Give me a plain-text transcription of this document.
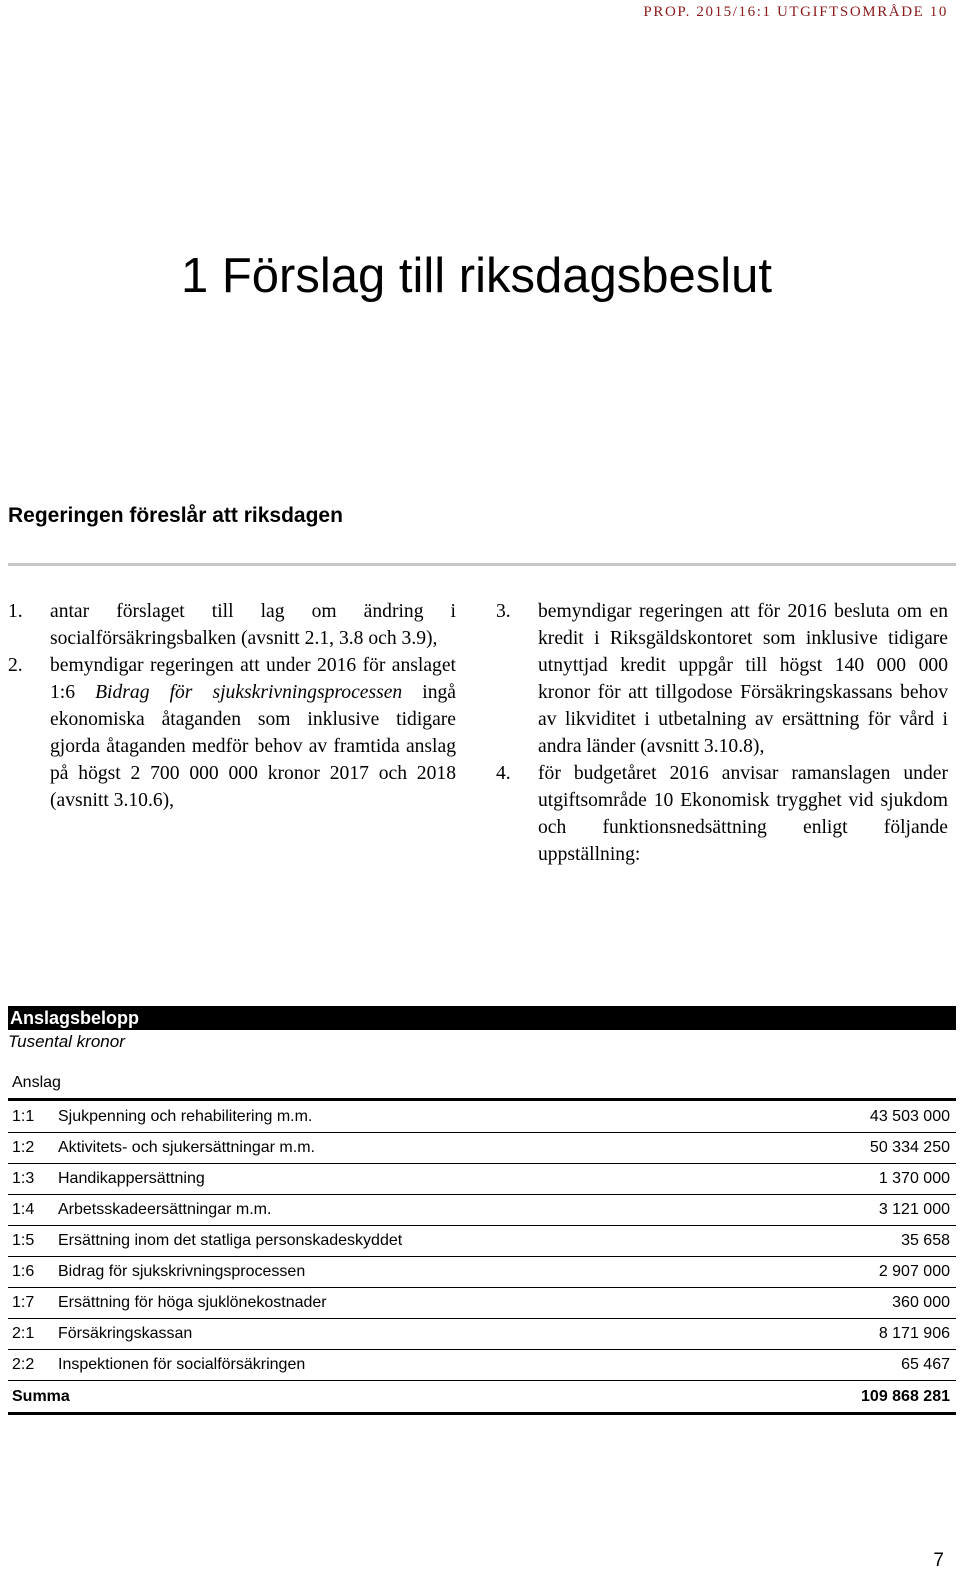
PROP. 2015/16:1 UTGIFTSOMRÅDE 10
1 Förslag till riksdagsbeslut
Regeringen föreslår att riksdagen

1.	antar förslaget till lag om ändring i socialförsäkringsbalken (avsnitt 2.1, 3.8 och 3.9),

2.	bemyndigar regeringen att under 2016 för anslaget 1:6 Bidrag för sjukskrivningsprocessen ingå ekonomiska åtaganden som inklusive tidigare gjorda åtaganden medför behov av framtida anslag på högst 2 700 000 000 kronor 2017 och 2018 (avsnitt 3.10.6),

3.	bemyndigar regeringen att för 2016 besluta om en kredit i Riksgäldskontoret som inklusive tidigare utnyttjad kredit uppgår till högst 140 000 000 kronor för att tillgodose Försäkringskassans behov av likviditet i utbetalning av ersättning för vård i andra länder (avsnitt 3.10.8),

4.	för budgetåret 2016 anvisar ramanslagen under utgiftsområde 10 Ekonomisk trygghet vid sjukdom och funktionsnedsättning enligt följande uppställning:

Anslagsbelopp
Tusental kronor
Anslag
1:1	Sjukpenning och rehabilitering m.m.	43 503 000
1:2	Aktivitets- och sjukersättningar m.m.	50 334 250
1:3	Handikappersättning	1 370 000
1:4	Arbetsskadeersättningar m.m.	3 121 000
1:5	Ersättning inom det statliga personskadeskyddet	35 658
1:6	Bidrag för sjukskrivningsprocessen	2 907 000
1:7	Ersättning för höga sjuklönekostnader	360 000
2:1	Försäkringskassan	8 171 906
2:2	Inspektionen för socialförsäkringen	65 467
Summa	109 868 281
7
